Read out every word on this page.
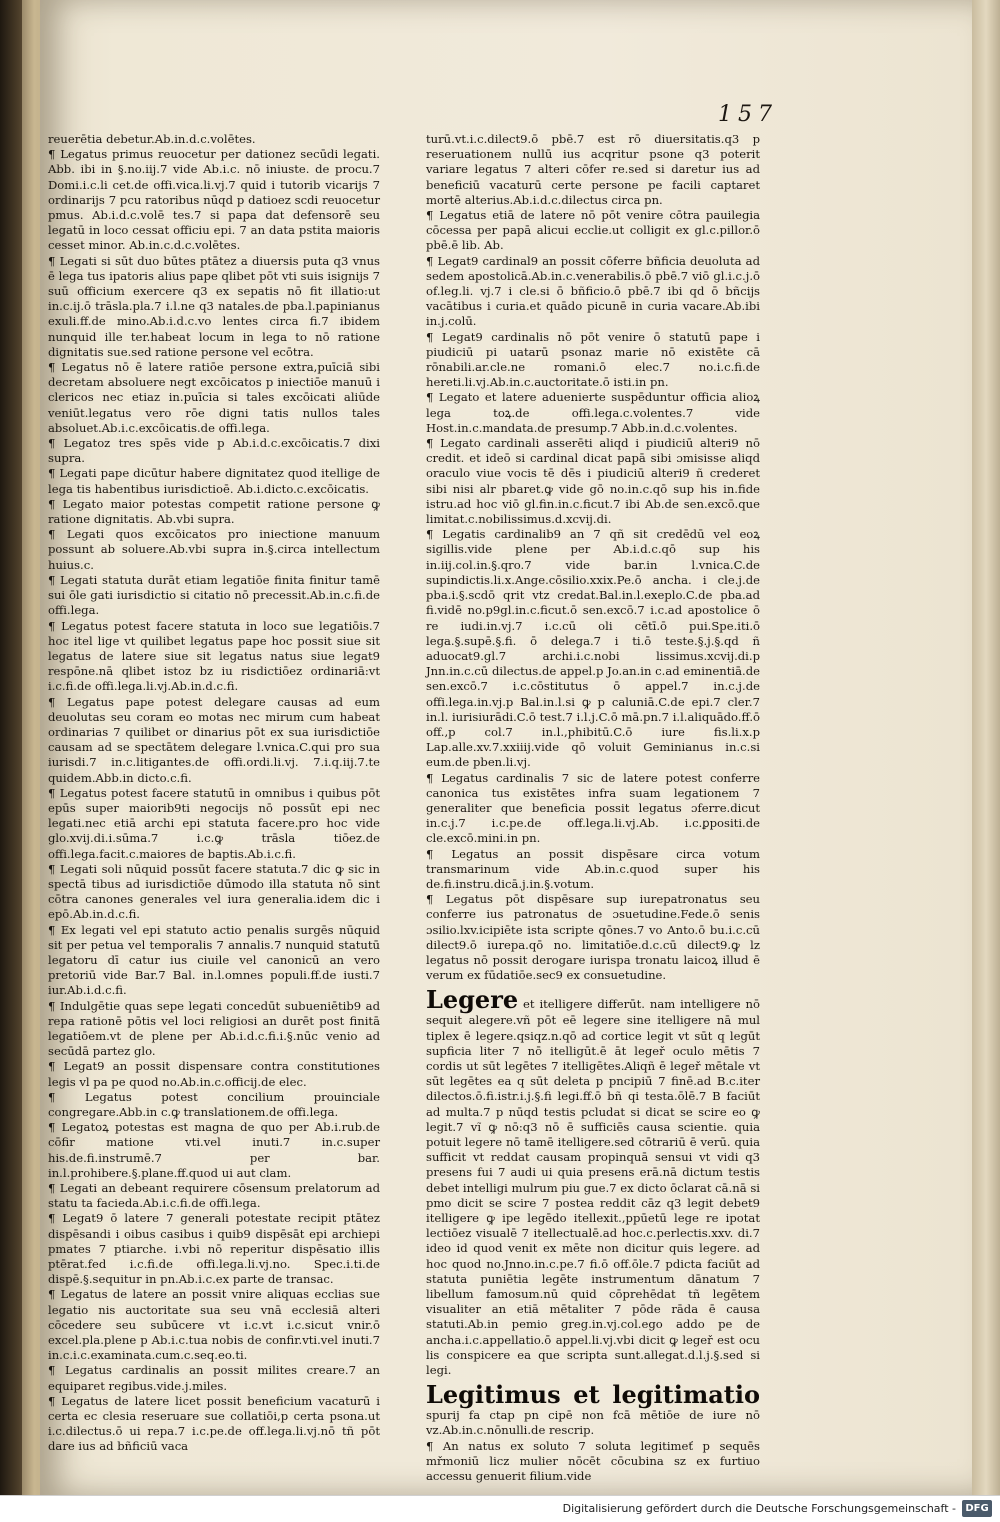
157

reuerētia debetur.Ab.in.d.c.volētes.

¶ Legatus primus reuocetur per dationez secūdi legati. Abb. ibi in §.no.iij.7 vide Ab.i.c. nō iniuste. de procu.7 Domi.i.c.li cet.de offi.vica.li.vj.7 quid i tutorib vicarijs 7 ordinarijs 7 pcu ratoribus nūqd p datioez scdi reuocetur pmus. Ab.i.d.c.volē tes.7 si papa dat defensorē seu legatū in loco cessat officiu epi. 7 an data pstita maioris cesset minor. Ab.in.c.d.c.volētes.

¶ Legati si sūt duo būtes ptātez a diuersis puta q3 vnus ē lega tus ipatoris alius pape qlibet pōt vti suis isignijs 7 suū officium exercere q3 ex sepatis nō fit illatio:ut in.c.ij.ō trāsla.pla.7 i.l.ne q3 natales.de pba.l.papinianus exuli.ff.de mino.Ab.i.d.c.vo lentes circa fi.7 ibidem nunquid ille ter.habeat locum in lega to nō ratione dignitatis sue.sed ratione persone vel ecōtra.

¶ Legatus nō ē latere ratiōe persone extra,puīciā sibi decretam absoluere negt excōicatos p iniectiōe manuū i clericos nec etiaz in.puīcia si tales excōicati aliūde veniūt.legatus vero rōe digni tatis nullos tales absoluet.Ab.i.c.excōicatis.de offi.lega.

¶ Legatoz tres spēs vide p Ab.i.d.c.excōicatis.7 dixi supra.

¶ Legati pape dicūtur habere dignitatez quod itellige de lega tis habentibus iurisdictioē. Ab.i.dicto.c.excōicatis.

¶ Legato maior potestas competit ratione persone ꝙ ratione dignitatis. Ab.vbi supra.

¶ Legati quos excōicatos pro iniectione manuum possunt ab soluere.Ab.vbi supra in.§.circa intellectum huius.c.

¶ Legati statuta durāt etiam legatiōe finita finitur tamē sui ōle gati iurisdictio si citatio nō precessit.Ab.in.c.fi.de offi.lega.

¶ Legatus potest facere statuta in loco sue legatiōis.7 hoc itel lige vt quilibet legatus pape hoc possit siue sit legatus de latere siue sit legatus natus siue legat9 respōne.nā qlibet istoz bz iu risdictiōez ordinariā:vt i.c.fi.de offi.lega.li.vj.Ab.in.d.c.fi.

¶ Legatus pape potest delegare causas ad eum deuolutas seu coram eo motas nec mirum cum habeat ordinarias 7 quilibet or dinarius pōt ex sua iurisdictiōe causam ad se spectātem delegare l.vnica.C.qui pro sua iurisdi.7 in.c.litigantes.de offi.ordi.li.vj. 7.i.q.iij.7.te quidem.Abb.in dicto.c.fi.

¶ Legatus potest facere statutū in omnibus i quibus pōt epūs super maiorib9ti negocijs nō possūt epi nec legati.nec etiā archi epi statuta facere.pro hoc vide glo.xvij.di.i.sūma.7 i.c.ꝙ trāsla tiōez.de offi.lega.facit.c.maiores de baptis.Ab.i.c.fi.

¶ Legati soli nūquid possūt facere statuta.7 dic ꝙ sic in spectā tibus ad iurisdictiōe dūmodo illa statuta nō sint cōtra canones generales vel iura generalia.idem dic i epō.Ab.in.d.c.fi.

¶ Ex legati vel epi statuto actio penalis surgēs nūquid sit per petua vel temporalis 7 annalis.7 nunquid statutū legatoru dī catur ius ciuile vel canonicū an vero pretoriū vide Bar.7 Bal. in.l.omnes populi.ff.de iusti.7 iur.Ab.i.d.c.fi.

¶ Indulgētie quas sepe legati concedūt subueniētib9 ad repa rationē pōtis vel loci religiosi an durēt post finitā legatiōem.vt de plene per Ab.i.d.c.fi.i.§.nūc venio ad secūdā partez glo.

¶ Legat9 an possit dispensare contra constitutiones legis vl pa pe quod no.Ab.in.c.officij.de elec.

¶ Legatus potest concilium prouinciale congregare.Abb.in c.ꝙ translationem.de offi.lega.

¶ Legatoꝝ potestas est magna de quo per Ab.i.rub.de cōfir matione vti.vel inuti.7 in.c.super his.de.fi.instrumē.7 per bar. in.l.prohibere.§.plane.ff.quod ui aut clam.

¶ Legati an debeant requirere cōsensum prelatorum ad statu ta facieda.Ab.i.c.fi.de offi.lega.

¶ Legat9 ō latere 7 generali potestate recipit ptātez dispēsandi i oibus casibus i quib9 dispēsāt epi archiepi pmates 7 ptiarche. i.vbi nō reperitur dispēsatio illis ptērat.fed i.c.fi.de offi.lega.li.vj.no. Spec.i.ti.de dispē.§.sequitur in pn.Ab.i.c.ex parte de transac.

¶ Legatus de latere an possit vnire aliquas ecclias sue legatio nis auctoritate sua seu vnā ecclesiā alteri cōcedere seu subūcere vt i.c.vt i.c.sicut vnir.ō excel.pla.plene p Ab.i.c.tua nobis de confir.vti.vel inuti.7 in.c.i.c.examinata.cum.c.seq.eo.ti.

¶ Legatus cardinalis an possit milites creare.7 an equiparet regibus.vide.j.miles.

¶ Legatus de latere licet possit beneficium vacaturū i certa ec clesia reseruare sue collatiōi,p certa psona.ut i.c.dilectus.ō ui repa.7 i.c.pe.de off.lega.li.vj.nō tñ pōt dare ius ad bñficiū vaca

turū.vt.i.c.dilect9.ō pbē.7 est rō diuersitatis.q3 p reseruationem nullū ius acqritur psone q3 poterit variare legatus 7 alteri cōfer re.sed si daretur ius ad beneficiū vacaturū certe persone pe facili captaret mortē alterius.Ab.i.d.c.dilectus circa pn.

¶ Legatus etiā de latere nō pōt venire cōtra pauilegia cōcessa per papā alicui ecclie.ut colligit ex gl.c.pillor.ō pbē.ē lib. Ab.

¶ Legat9 cardinal9 an possit cōferre bñficia deuoluta ad sedem apostolicā.Ab.in.c.venerabilis.ō pbē.7 viō gl.i.c.j.ō of.leg.li. vj.7 i cle.si ō bñficio.ō pbē.7 ibi qd ō bñcijs vacātibus i curia.et quādo picunē in curia vacare.Ab.ibi in.j.colū.

¶ Legat9 cardinalis nō pōt venire ō statutū pape i piudiciū pi uatarū psonaz marie nō existēte cā rōnabili.ar.cle.ne romani.ō elec.7 no.i.c.fi.de hereti.li.vj.Ab.in.c.auctoritate.ō isti.in pn.

¶ Legato et latere aduenierte suspēduntur officia alioꝝ lega toꝝ.de offi.lega.c.volentes.7 vide Host.in.c.mandata.de presump.7 Abb.in.d.c.volentes.

¶ Legato cardinali asserēti aliqd i piudiciū alteri9 nō credit. et ideō si cardinal dicat papā sibi ɔmisisse aliqd oraculo viue vocis tē dēs i piudiciū alteri9 ñ crederet sibi nisi alr pbaret.ꝙ vide gō no.in.c.qō sup his in.fide istru.ad hoc viō gl.fin.in.c.ficut.7 ibi Ab.de sen.excō.que limitat.c.nobilissimus.d.xcvij.di.

¶ Legatis cardinalib9 an 7 qñ sit credēdū vel eoꝝ sigillis.vide plene per Ab.i.d.c.qō sup his in.iij.col.in.§.qro.7 vide bar.in l.vnica.C.de supindictis.li.x.Ange.cōsilio.xxix.Pe.ō ancha. i cle.j.de pba.i.§.scdō qrit vtz credat.Bal.in.l.exeplo.C.de pba.ad fi.vidē no.p9gl.in.c.ficut.ō sen.excō.7 i.c.ad apostolice ō re iudi.in.vj.7 i.c.cū oli cētī.ō pui.Spe.iti.ō lega.§.supē.§.fi. ō delega.7 i ti.ō teste.§.j.§.qd ñ aduocat9.gl.7 archi.i.c.nobi lissimus.xcvij.di.p Jnn.in.c.cū dilectus.de appel.p Jo.an.in c.ad eminentiā.de sen.excō.7 i.c.cōstitutus ō appel.7 in.c.j.de offi.lega.in.vj.p Bal.in.l.si ꝙ p caluniā.C.de epi.7 cler.7 in.l. iurisiurādi.C.ō test.7 i.l.j.C.ō mā.pn.7 i.l.aliquādo.ff.ō off.,p col.7 in.l.,phibitū.C.ō iure fis.li.x.p Lap.alle.xv.7.xxiiij.vide qō voluit Geminianus in.c.si eum.de pben.li.vj.

¶ Legatus cardinalis 7 sic de latere potest conferre canonica tus existētes infra suam legationem 7 generaliter que beneficia possit legatus ɔferre.dicut in.c.j.7 i.c.pe.de off.lega.li.vj.Ab. i.c.ꝑpositi.de cle.excō.mini.in pn.

¶ Legatus an possit dispēsare circa votum transmarinum vide Ab.in.c.quod super his de.fi.instru.dicā.j.in.§.votum.

¶ Legatus pōt dispēsare sup iurepatronatus seu conferre ius patronatus de ɔsuetudine.Fede.ō senis ɔsilio.lxv.icipiēte ista scripte qōnes.7 vo Anto.ō bu.i.c.cū dilect9.ō iurepa.qō no. limitatiōe.d.c.cū dilect9.ꝙ lz legatus nō possit derogare iurispa tronatu laicoꝝ illud ē verum ex fūdatiōe.sec9 ex consuetudine.

Legere et itelligere differūt. nam intelligere nō sequit alegere.vñ pōt eē legere sine itelligere nā mul tiplex ē legere.qsiqz.n.qō ad cortice legit vt sūt q legūt supficia liter 7 nō itelligūt.ē āt legeř oculo mētis 7 cordis ut sūt legētes 7 itelligētes.Aliqñ ē legeř mētale vt sūt legētes ea q sūt deleta p pncipiū 7 finē.ad B.c.iter dilectos.ō.fi.istr.i.j.§.fi legi.ff.ō bñ qi testa.ōlē.7 B faciūt ad multa.7 p nūqd testis pcludat si dicat se scire eo ꝙ legit.7 vĩ ꝙ nō:q3 nō ē sufficiēs causa scientie. quia potuit legere nō tamē itelligere.sed cōtrariū ē verū. quia sufficit vt reddat causam propinquā sensui vt vidi q3 presens fui 7 audi ui quia presens erā.nā dictum testis debet intelligi mulrum piu gue.7 ex dicto ōclarat cā.nā si pmo dicit se scire 7 postea reddit cāz q3 legit debet9 itelligere ꝙ ipe legēdo itellexit.,ppūetū lege re ipotat lectiōez visualē 7 itellectualē.ad hoc.c.perlectis.xxv. di.7 ideo id quod venit ex mēte non dicitur quis legere. ad hoc quod no.Jnno.in.c.pe.7 fi.ō off.ōle.7 pdicta faciūt ad statuta puniētia legēte instrumentum dānatum 7 libellum famosum.nū quid cōprehēdat tñ legētem visualiter an etiā mētaliter 7 pōde rāda ē causa statuti.Ab.in pemio greg.in.vj.col.ego addo pe de ancha.i.c.appellatio.ō appel.li.vj.vbi dicit ꝙ legeř est ocu lis conspicere ea que scripta sunt.allegat.d.l.j.§.sed si legi.

Legitimus et legitimatio spurij fa ctap pn cipē non fcā mētiōe de iure nō vz.Ab.in.c.nōnulli.de rescrip.

¶ An natus ex soluto 7 soluta legitimeť p sequēs mřmoniū licz mulier nōcēt cōcubina sz ex furtiuo accessu genuerit filium.vide

Digitalisierung gefördert durch die Deutsche Forschungsgemeinschaft - DFG
